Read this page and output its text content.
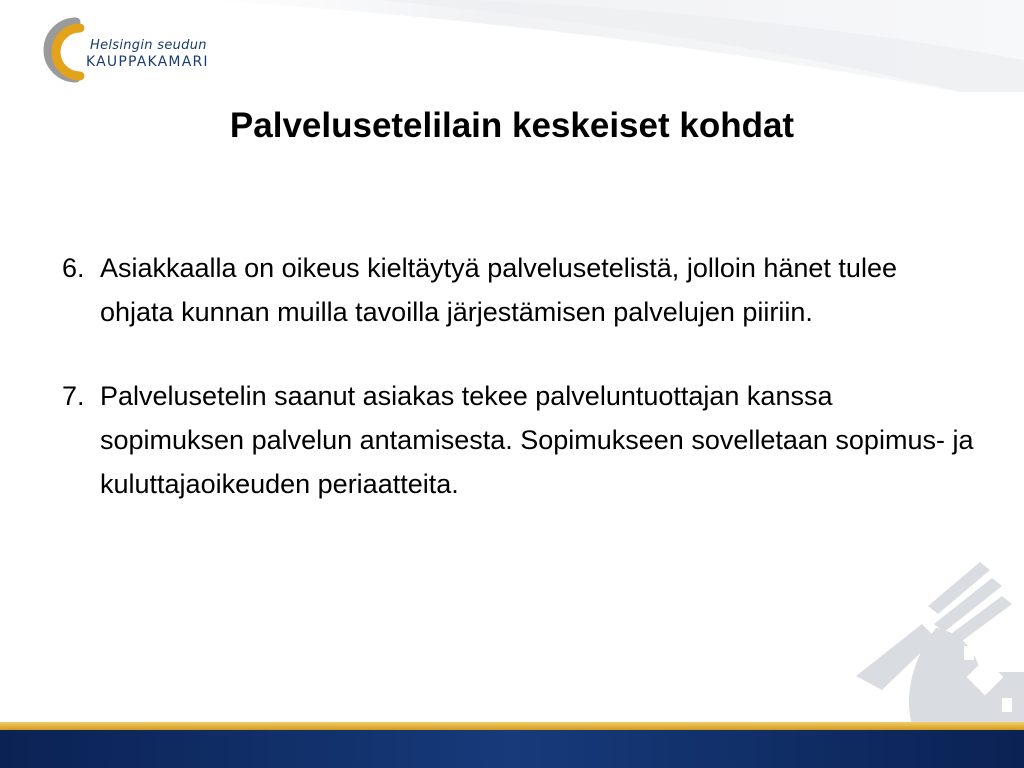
Helsingin seudun
KAUPPAKAMARI
Palvelusetelilain keskeiset kohdat
6. Asiakkaalla on oikeus kieltäytyä palvelusetelistä, jolloin hänet tulee ohjata kunnan muilla tavoilla järjestämisen palvelujen piiriin.
7. Palvelusetelin saanut asiakas tekee palveluntuottajan kanssa sopimuksen palvelun antamisesta. Sopimukseen sovelletaan sopimus- ja kuluttajaoikeuden periaatteita.
